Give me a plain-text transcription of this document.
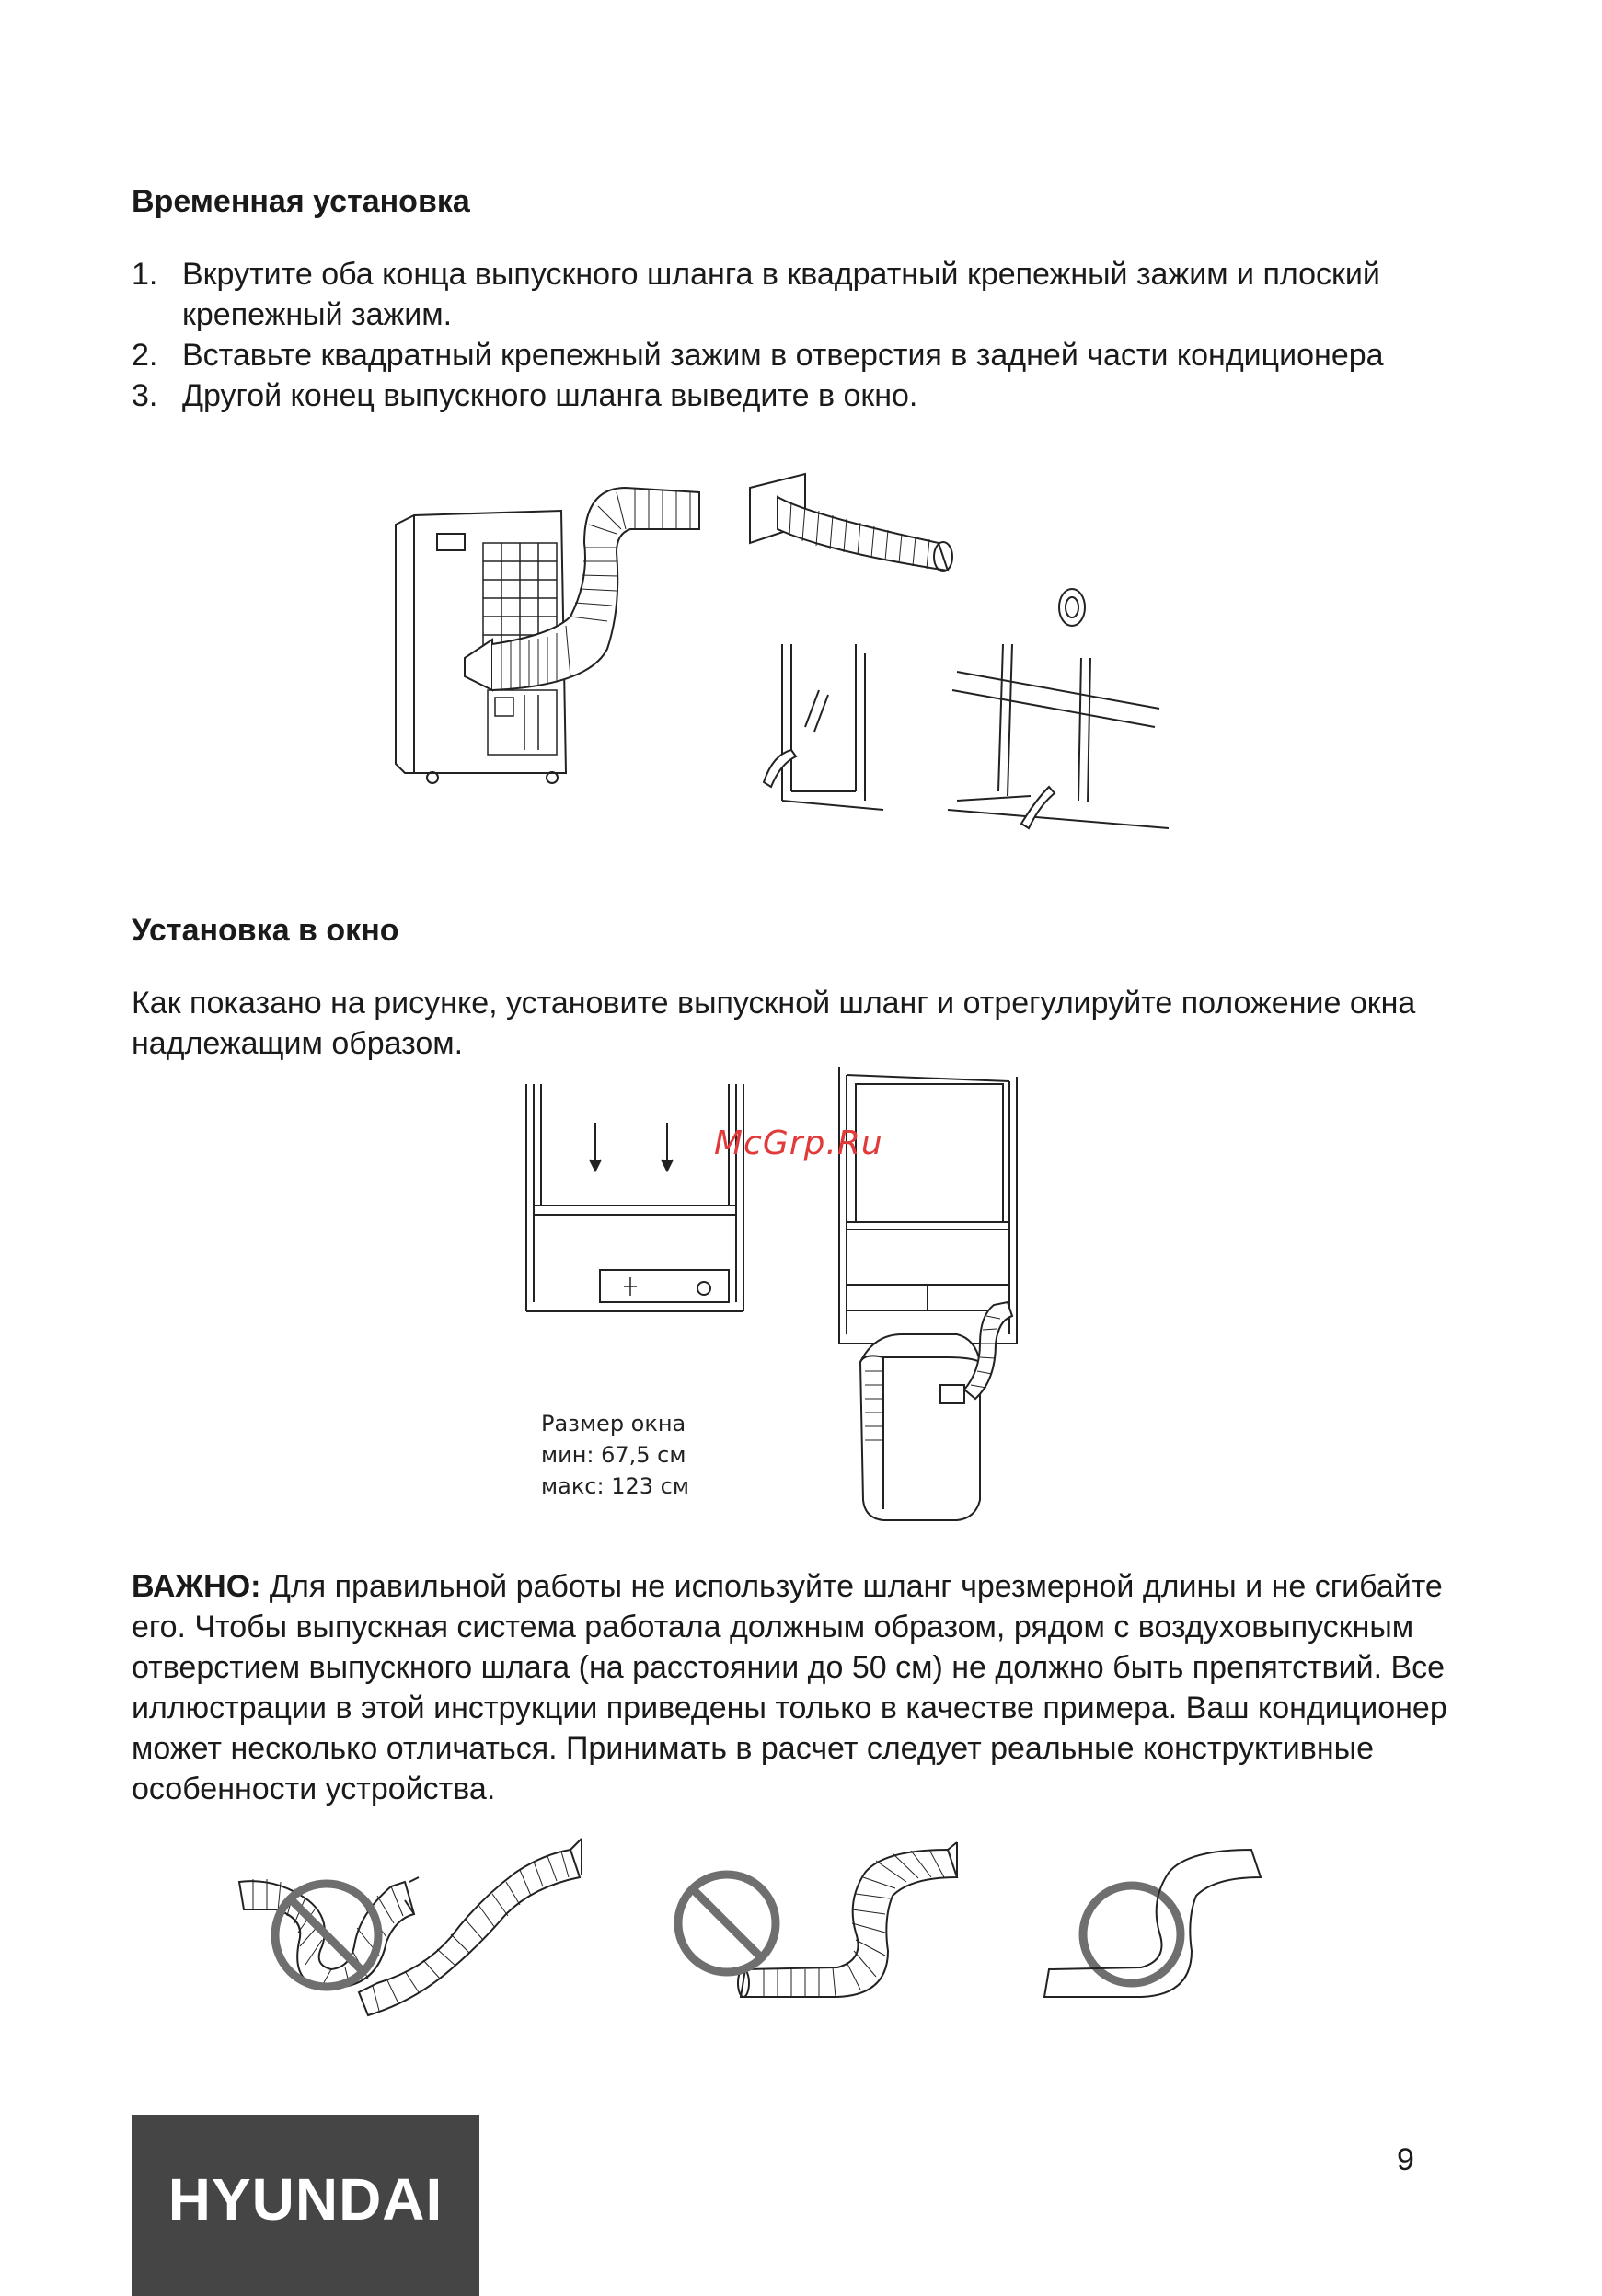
Временная установка
1. Вкрутите оба конца выпускного шланга в квадратный крепежный зажим и плоский крепежный зажим.
2. Вставьте квадратный крепежный зажим в отверстия в задней части кондиционера
3. Другой конец выпускного шланга выведите в окно.
Установка в окно

Как показано на рисунке, установите выпускной шланг и отрегулируйте положение окна надлежащим образом.

McGrp.Ru
Размер окна
мин: 67,5 см
макс: 123 см

ВАЖНО: Для правильной работы не используйте шланг чрезмерной длины и не сгибайте его. Чтобы выпускная система работала должным образом, рядом с воздуховыпускным отверстием выпускного шлага (на расстоянии до 50 см) не должно быть препятствий. Все иллюстрации в этой инструкции приведены только в качестве примера. Ваш кондиционер может несколько отличаться. Принимать в расчет следует реальные конструктивные особенности устройства.

HYUNDAI
9
